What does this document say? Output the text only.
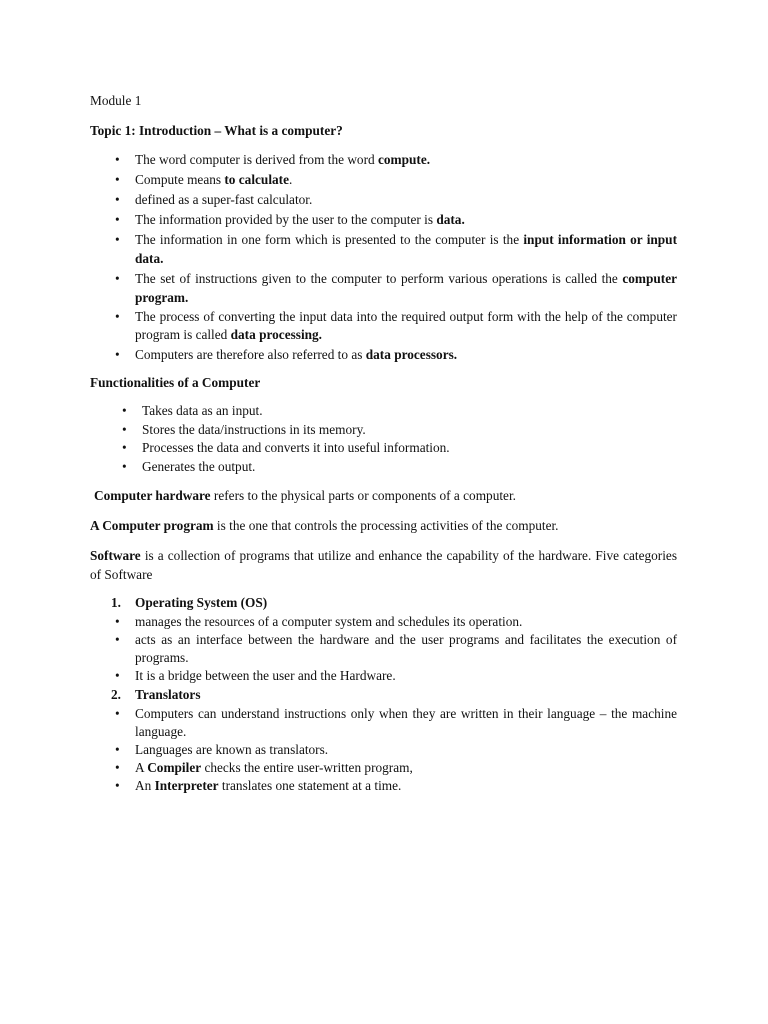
Module 1
Topic 1: Introduction – What is a computer?
• The word computer is derived from the word compute.
• Compute means to calculate.
• defined as a super-fast calculator.
• The information provided by the user to the computer is data.
• The information in one form which is presented to the computer is the input information or input data.
• The set of instructions given to the computer to perform various operations is called the computer program.
• The process of converting the input data into the required output form with the help of the computer program is called data processing.
• Computers are therefore also referred to as data processors.
Functionalities of a Computer
• Takes data as an input.
• Stores the data/instructions in its memory.
• Processes the data and converts it into useful information.
• Generates the output.

Computer hardware refers to the physical parts or components of a computer.

A Computer program is the one that controls the processing activities of the computer.

Software is a collection of programs that utilize and enhance the capability of the hardware. Five categories of Software

1. Operating System (OS)
• manages the resources of a computer system and schedules its operation.
• acts as an interface between the hardware and the user programs and facilitates the execution of programs.
• It is a bridge between the user and the Hardware.
2. Translators
• Computers can understand instructions only when they are written in their language – the machine language.
• Languages are known as translators.
• A Compiler checks the entire user-written program,
• An Interpreter translates one statement at a time.
